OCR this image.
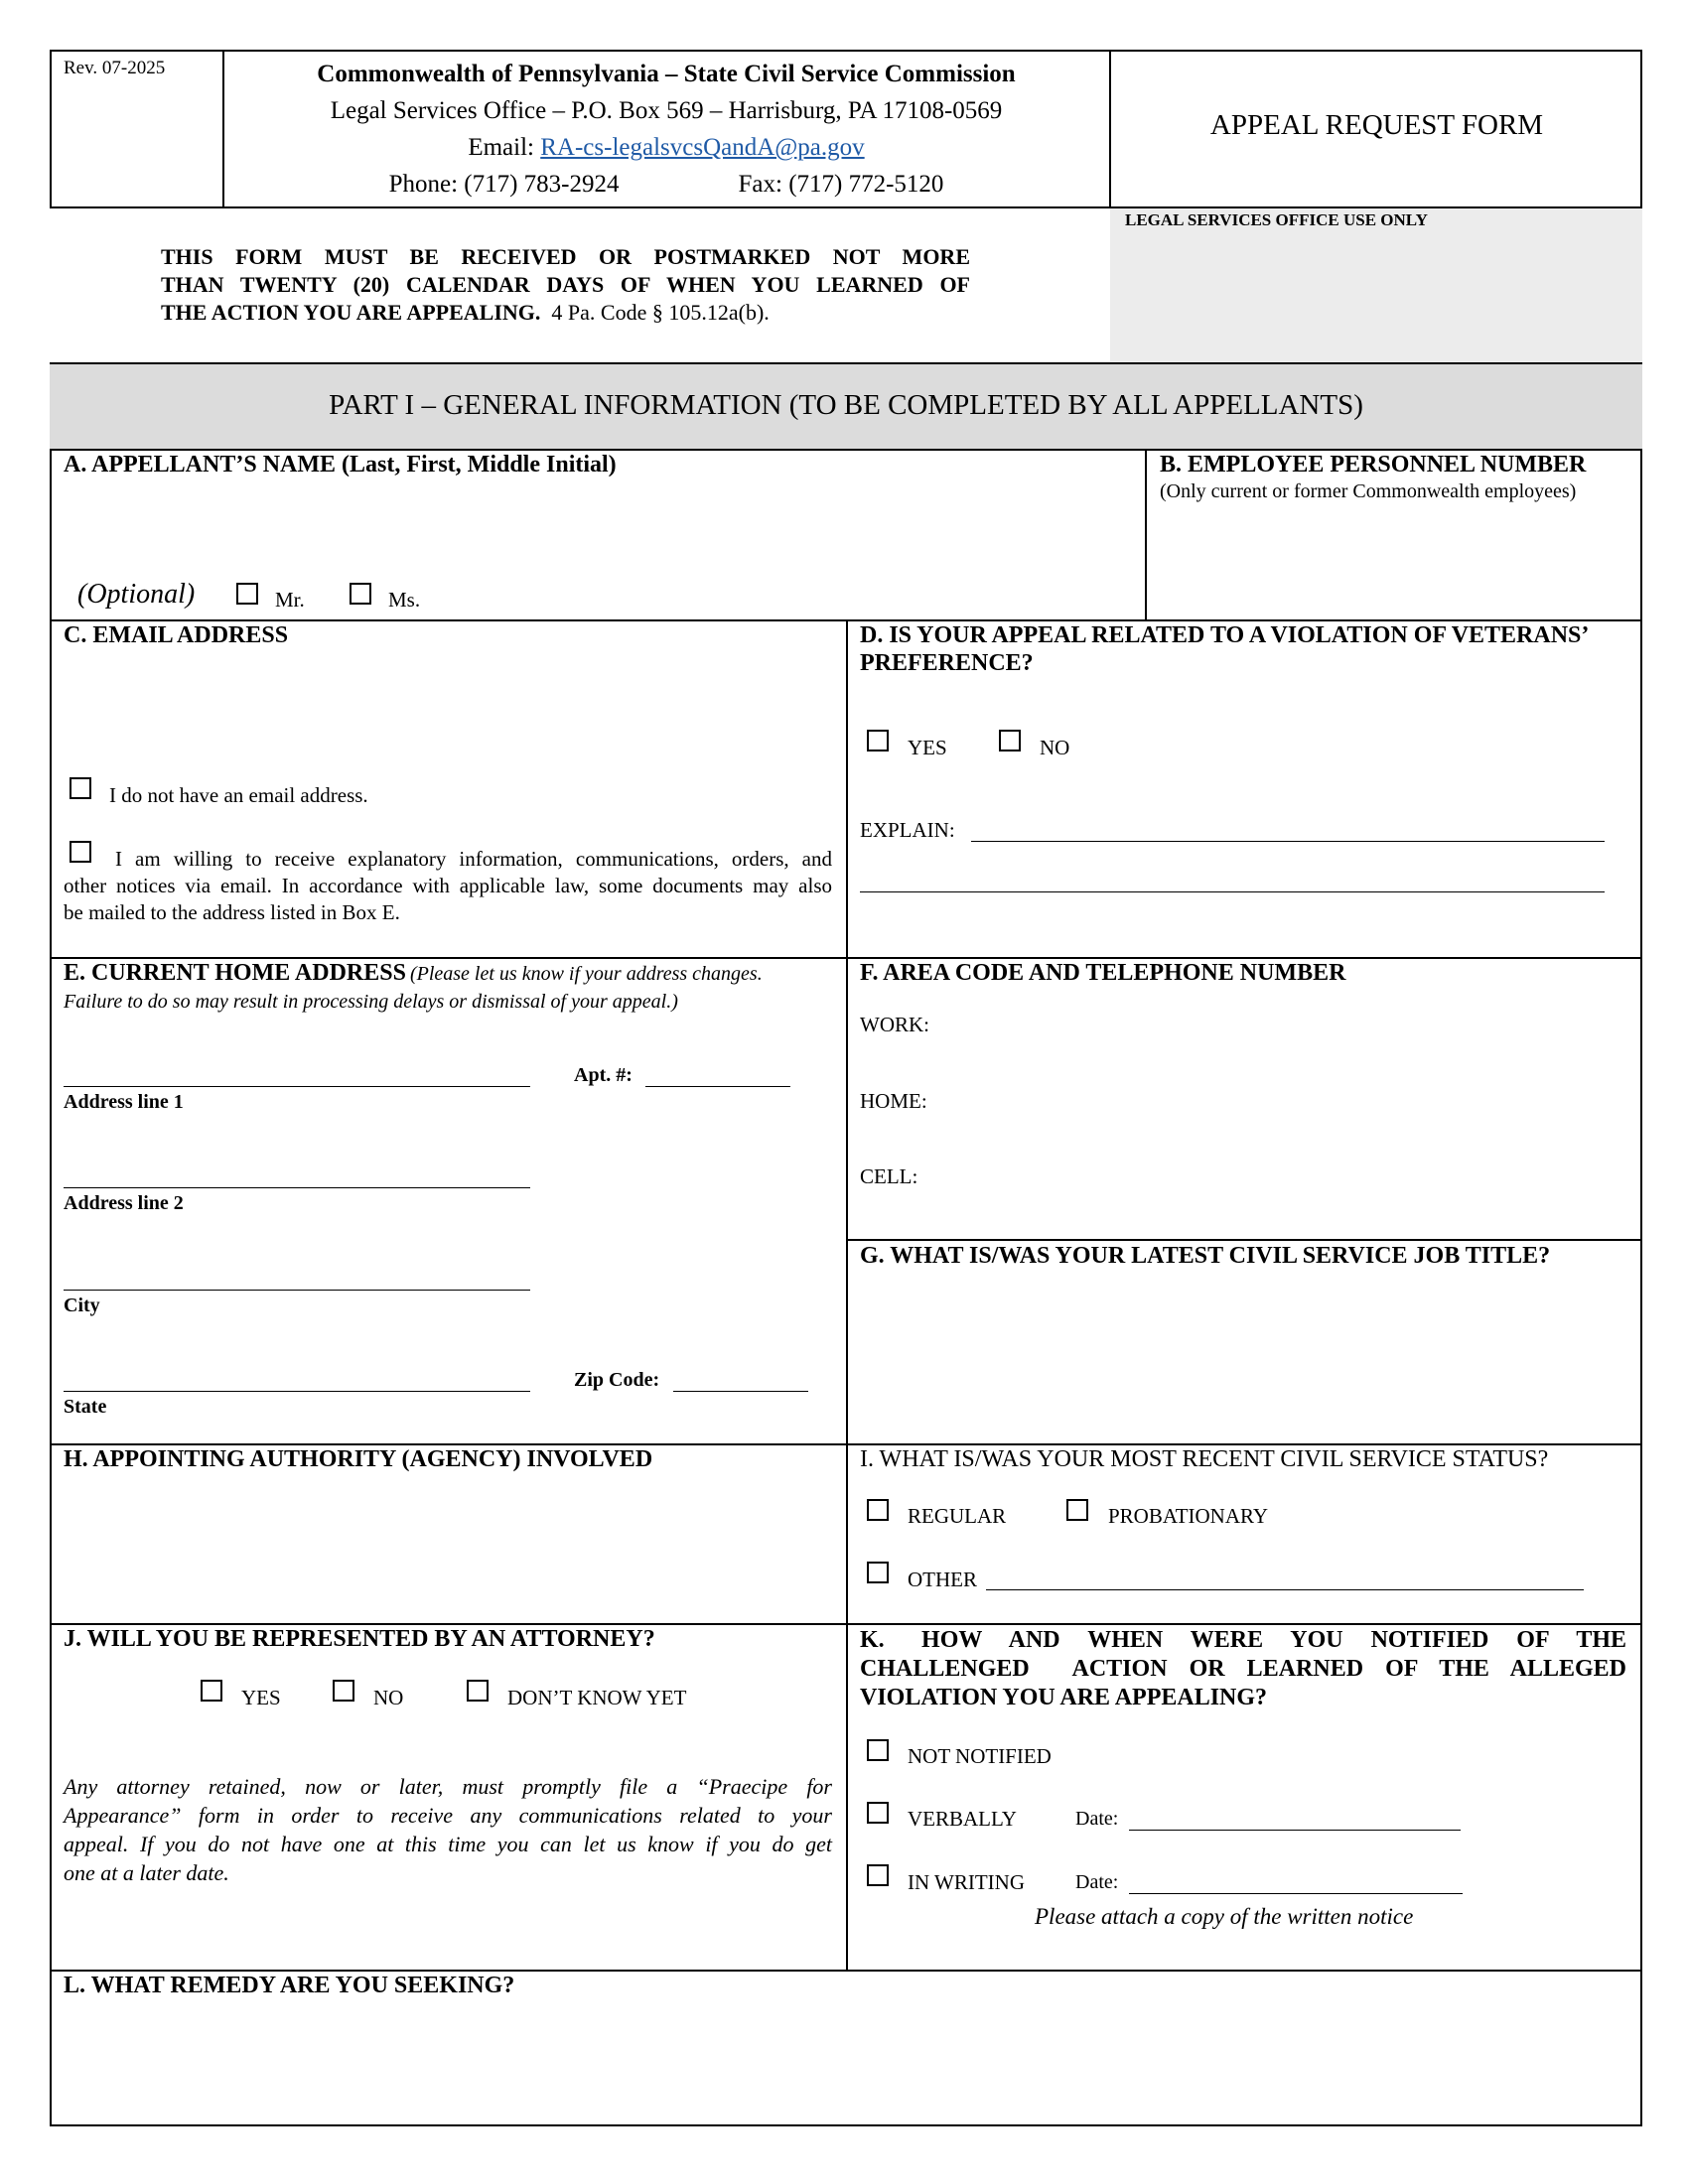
Rev. 07-2025	Commonwealth of Pennsylvania – State Civil Service Commission
Legal Services Office – P.O. Box 569 – Harrisburg, PA 17108-0569
Email: RA-cs-legalsvcsQandA@pa.gov
Phone: (717) 783-2924	Fax: (717) 772-5120
APPEAL REQUEST FORM
LEGAL SERVICES OFFICE USE ONLY
THIS FORM MUST BE RECEIVED OR POSTMARKED NOT MORE
THAN TWENTY (20) CALENDAR DAYS OF WHEN YOU LEARNED OF
THE ACTION YOU ARE APPEALING.  4 Pa. Code § 105.12a(b).
PART I – GENERAL INFORMATION (TO BE COMPLETED BY ALL APPELLANTS)
A. APPELLANT’S NAME (Last, First, Middle Initial)
(Optional)	Mr.	Ms.
B. EMPLOYEE PERSONNEL NUMBER
(Only current or former Commonwealth employees)
C. EMAIL ADDRESS
I do not have an email address.
I am willing to receive explanatory information, communications, orders, and
other notices via email. In accordance with applicable law, some documents may also
be mailed to the address listed in Box E.
D. IS YOUR APPEAL RELATED TO A VIOLATION OF VETERANS’
PREFERENCE?
YES	NO
EXPLAIN:
E. CURRENT HOME ADDRESS (Please let us know if your address changes.
Failure to do so may result in processing delays or dismissal of your appeal.)
Apt. #:
Address line 1
Address line 2
City
Zip Code:
State
F. AREA CODE AND TELEPHONE NUMBER
WORK:
HOME:
CELL:
G. WHAT IS/WAS YOUR LATEST CIVIL SERVICE JOB TITLE?
H. APPOINTING AUTHORITY (AGENCY) INVOLVED	I. WHAT IS/WAS YOUR MOST RECENT CIVIL SERVICE STATUS?
REGULAR	PROBATIONARY
OTHER
J. WILL YOU BE REPRESENTED BY AN ATTORNEY?
YES	NO	DON’T KNOW YET
Any attorney retained, now or later, must promptly file a “Praecipe for
Appearance” form in order to receive any communications related to your
appeal. If you do not have one at this time you can let us know if you do get
one at a later date.
K.    HOW   AND   WHEN   WERE   YOU   NOTIFIED   OF   THE
CHALLENGED    ACTION  OR  LEARNED  OF  THE  ALLEGED
VIOLATION YOU ARE APPEALING?
NOT NOTIFIED
VERBALLY	Date:
IN WRITING	Date:
Please attach a copy of the written notice
L. WHAT REMEDY ARE YOU SEEKING?
